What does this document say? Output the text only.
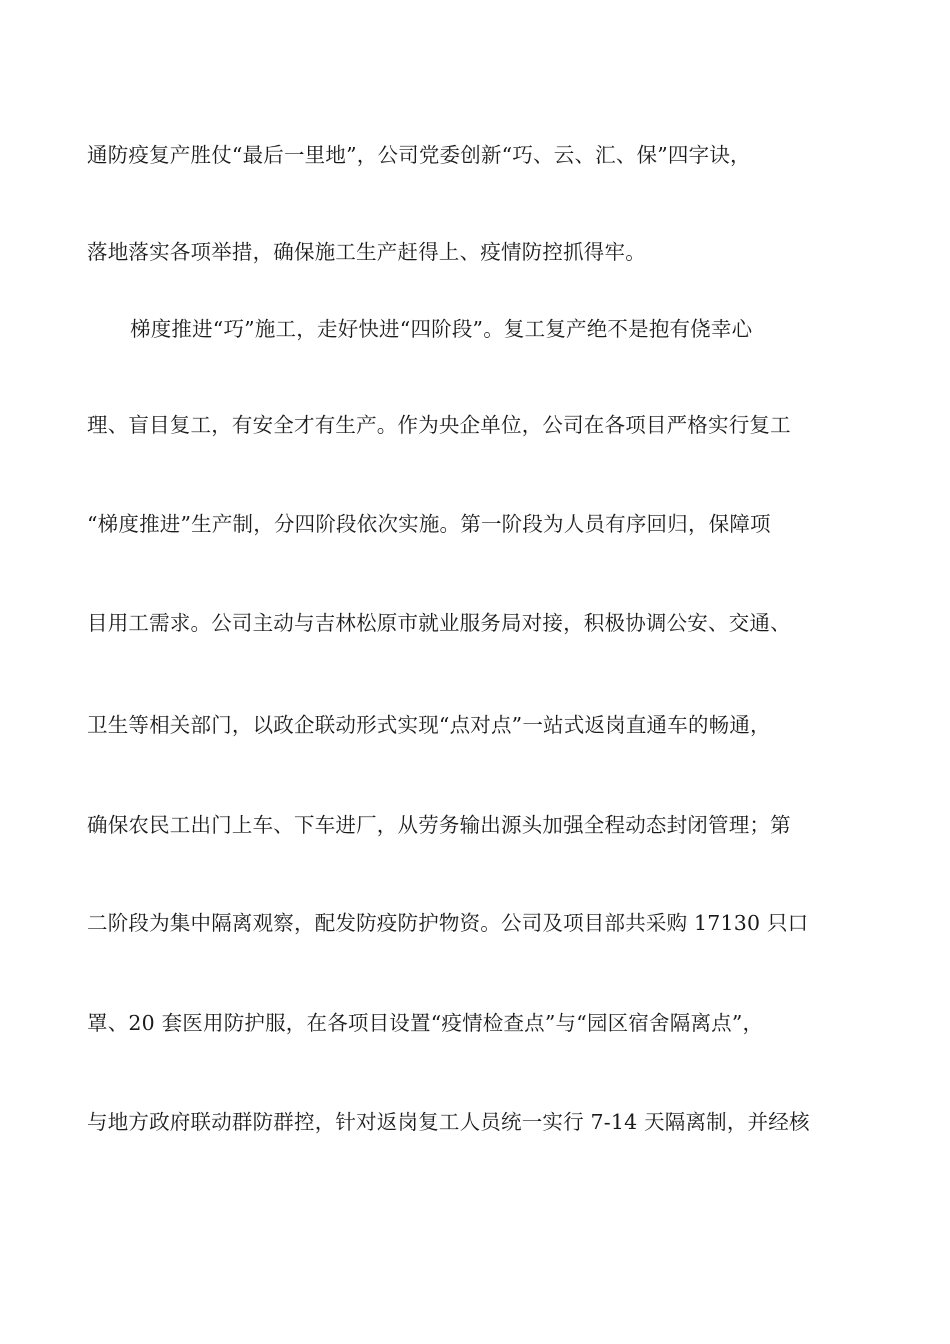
通防疫复产胜仗“最后一里地”，公司党委创新“巧、云、汇、保”四字诀，

落地落实各项举措，确保施工生产赶得上、疫情防控抓得牢。

梯度推进“巧”施工，走好快进“四阶段”。复工复产绝不是抱有侥幸心

理、盲目复工，有安全才有生产。作为央企单位，公司在各项目严格实行复工

“梯度推进”生产制，分四阶段依次实施。第一阶段为人员有序回归，保障项

目用工需求。公司主动与吉林松原市就业服务局对接，积极协调公安、交通、

卫生等相关部门，以政企联动形式实现“点对点”一站式返岗直通车的畅通，

确保农民工出门上车、下车进厂，从劳务输出源头加强全程动态封闭管理；第

二阶段为集中隔离观察，配发防疫防护物资。公司及项目部共采购 17130 只口

罩、20 套医用防护服，在各项目设置“疫情检查点”与“园区宿舍隔离点”，

与地方政府联动群防群控，针对返岗复工人员统一实行 7-14 天隔离制，并经核
